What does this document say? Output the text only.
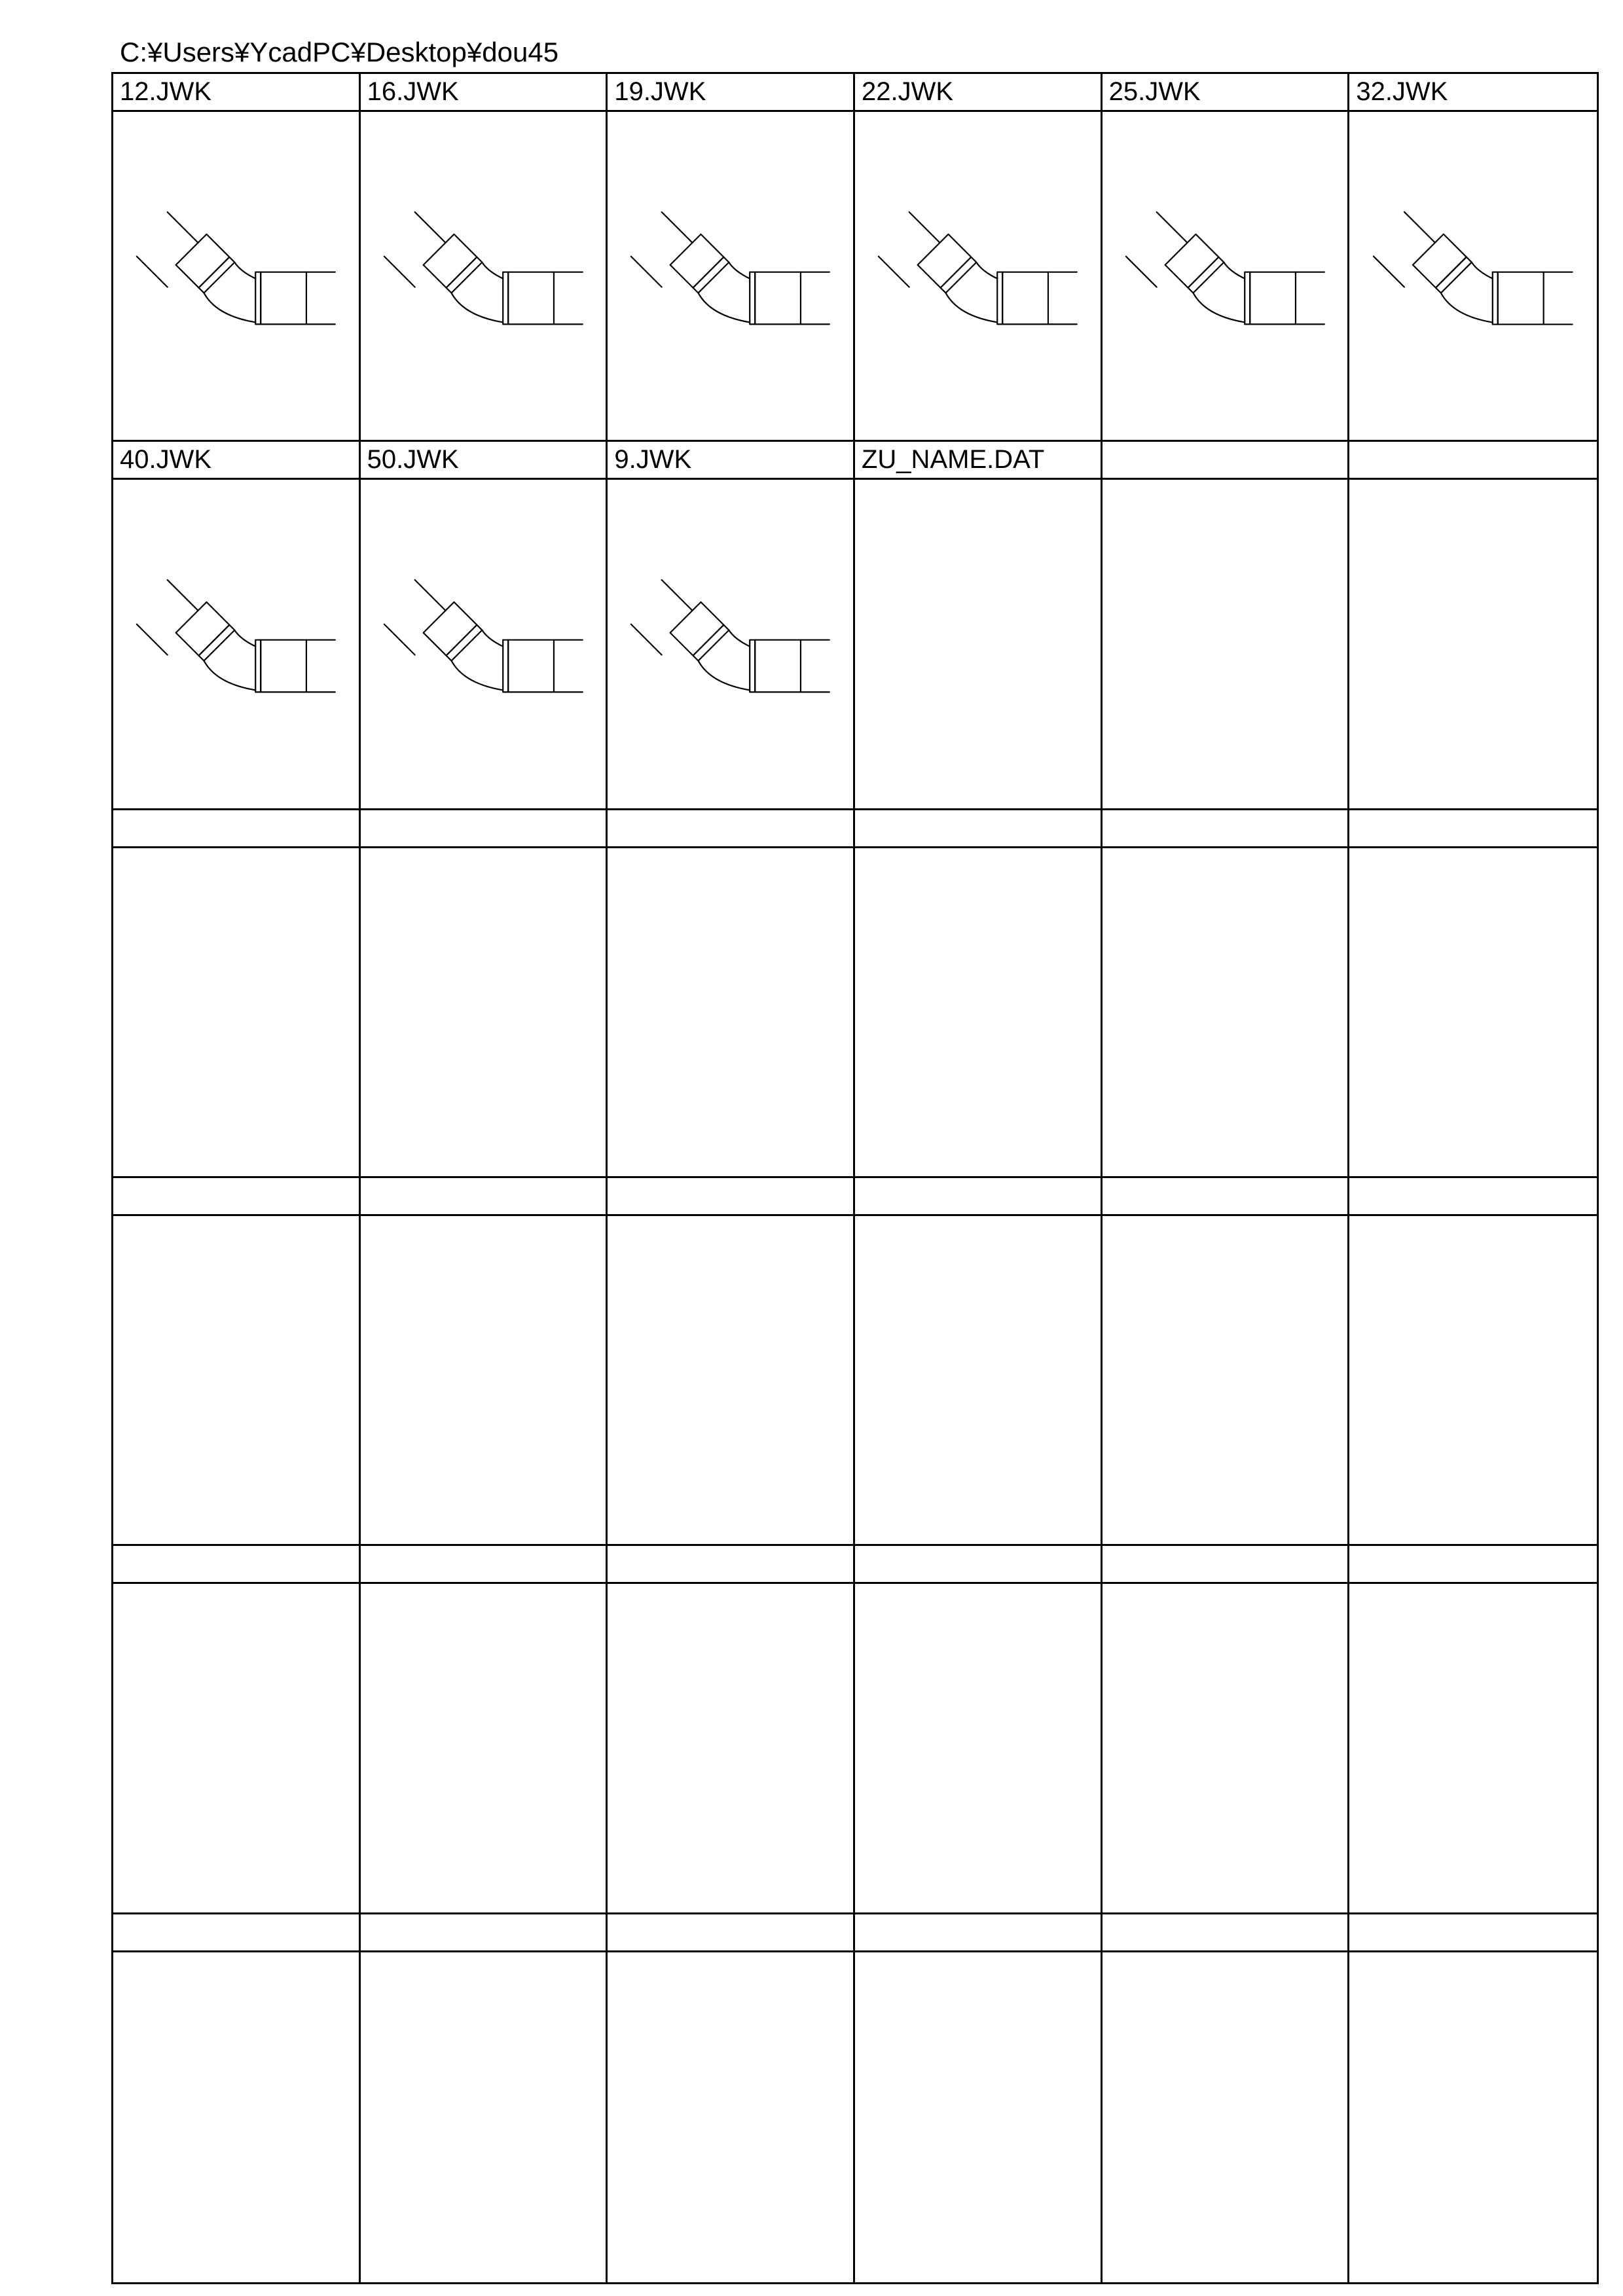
C:¥Users¥YcadPC¥Desktop¥dou45
12.JWK	16.JWK	19.JWK	22.JWK	25.JWK	32.JWK
40.JWK	50.JWK	9.JWK	ZU_NAME.DAT
